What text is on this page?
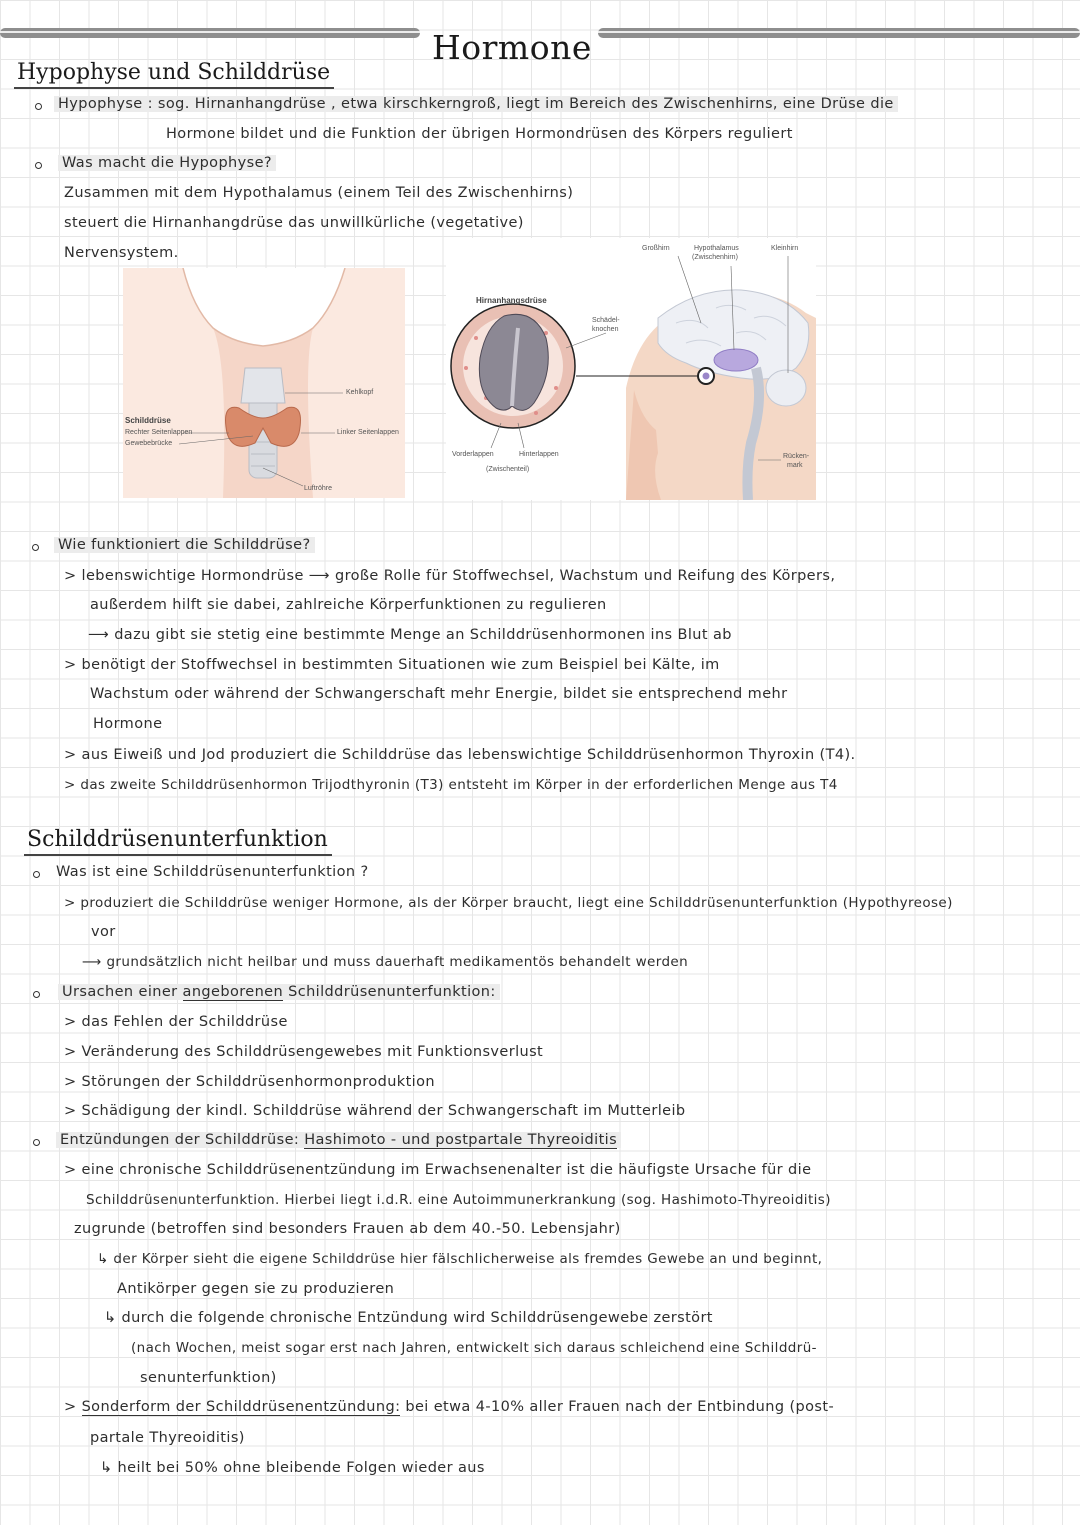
Hormone
Hypophyse und Schilddrüse
Hypophyse : sog. Hirnanhangdrüse , etwa kirschkerngroß, liegt im Bereich des Zwischenhirns, eine Drüse die
Hormone bildet und die Funktion der übrigen Hormondrüsen des Körpers reguliert
Was macht die Hypophyse?
Zusammen mit dem Hypothalamus (einem Teil des Zwischenhirns)
steuert die Hirnanhangdrüse das unwillkürliche (vegetative)
Nervensystem.
Kehlkopf
Schilddrüse
Rechter Seitenlappen
Gewebebrücke
Linker Seitenlappen
Luftröhre
Hirnanhangsdrüse
Schädel-
knochen
Großhirn	Hypothalamus
(Zwischenhirn)
Kleinhirn
Vorderlappen	Hinterlappen
(Zwischenteil)
Rücken-
mark
Wie funktioniert die Schilddrüse?
> lebenswichtige Hormondrüse ⟶ große Rolle für Stoffwechsel, Wachstum und Reifung des Körpers,
außerdem hilft sie dabei, zahlreiche Körperfunktionen zu regulieren
⟶ dazu gibt sie stetig eine bestimmte Menge an Schilddrüsenhormonen ins Blut ab
> benötigt der Stoffwechsel in bestimmten Situationen wie zum Beispiel bei Kälte, im
Wachstum oder während der Schwangerschaft mehr Energie, bildet sie entsprechend mehr
Hormone
> aus Eiweiß und Jod produziert die Schilddrüse das lebenswichtige Schilddrüsenhormon Thyroxin (T4).
> das zweite Schilddrüsenhormon Trijodthyronin (T3) entsteht im Körper in der erforderlichen Menge aus T4
Schilddrüsenunterfunktion
Was ist eine Schilddrüsenunterfunktion ?
> produziert die Schilddrüse weniger Hormone, als der Körper braucht, liegt eine Schilddrüsenunterfunktion (Hypothyreose)
vor
⟶ grundsätzlich nicht heilbar und muss dauerhaft medikamentös behandelt werden
Ursachen einer angeborenen Schilddrüsenunterfunktion:
> das Fehlen der Schilddrüse
> Veränderung des Schilddrüsengewebes mit Funktionsverlust
> Störungen der Schilddrüsenhormonproduktion
> Schädigung der kindl. Schilddrüse während der Schwangerschaft im Mutterleib
Entzündungen der Schilddrüse: Hashimoto - und postpartale Thyreoiditis
> eine chronische Schilddrüsenentzündung im Erwachsenenalter ist die häufigste Ursache für die
Schilddrüsenunterfunktion. Hierbei liegt i.d.R. eine Autoimmunerkrankung (sog. Hashimoto-Thyreoiditis)
zugrunde (betroffen sind besonders Frauen ab dem 40.-50. Lebensjahr)
↳ der Körper sieht die eigene Schilddrüse hier fälschlicherweise als fremdes Gewebe an und beginnt,
Antikörper gegen sie zu produzieren
↳ durch die folgende chronische Entzündung wird Schilddrüsengewebe zerstört
(nach Wochen, meist sogar erst nach Jahren, entwickelt sich daraus schleichend eine Schilddrü-
senunterfunktion)
> Sonderform der Schilddrüsenentzündung: bei etwa 4-10% aller Frauen nach der Entbindung (post-
partale Thyreoiditis)
↳ heilt bei 50% ohne bleibende Folgen wieder aus
